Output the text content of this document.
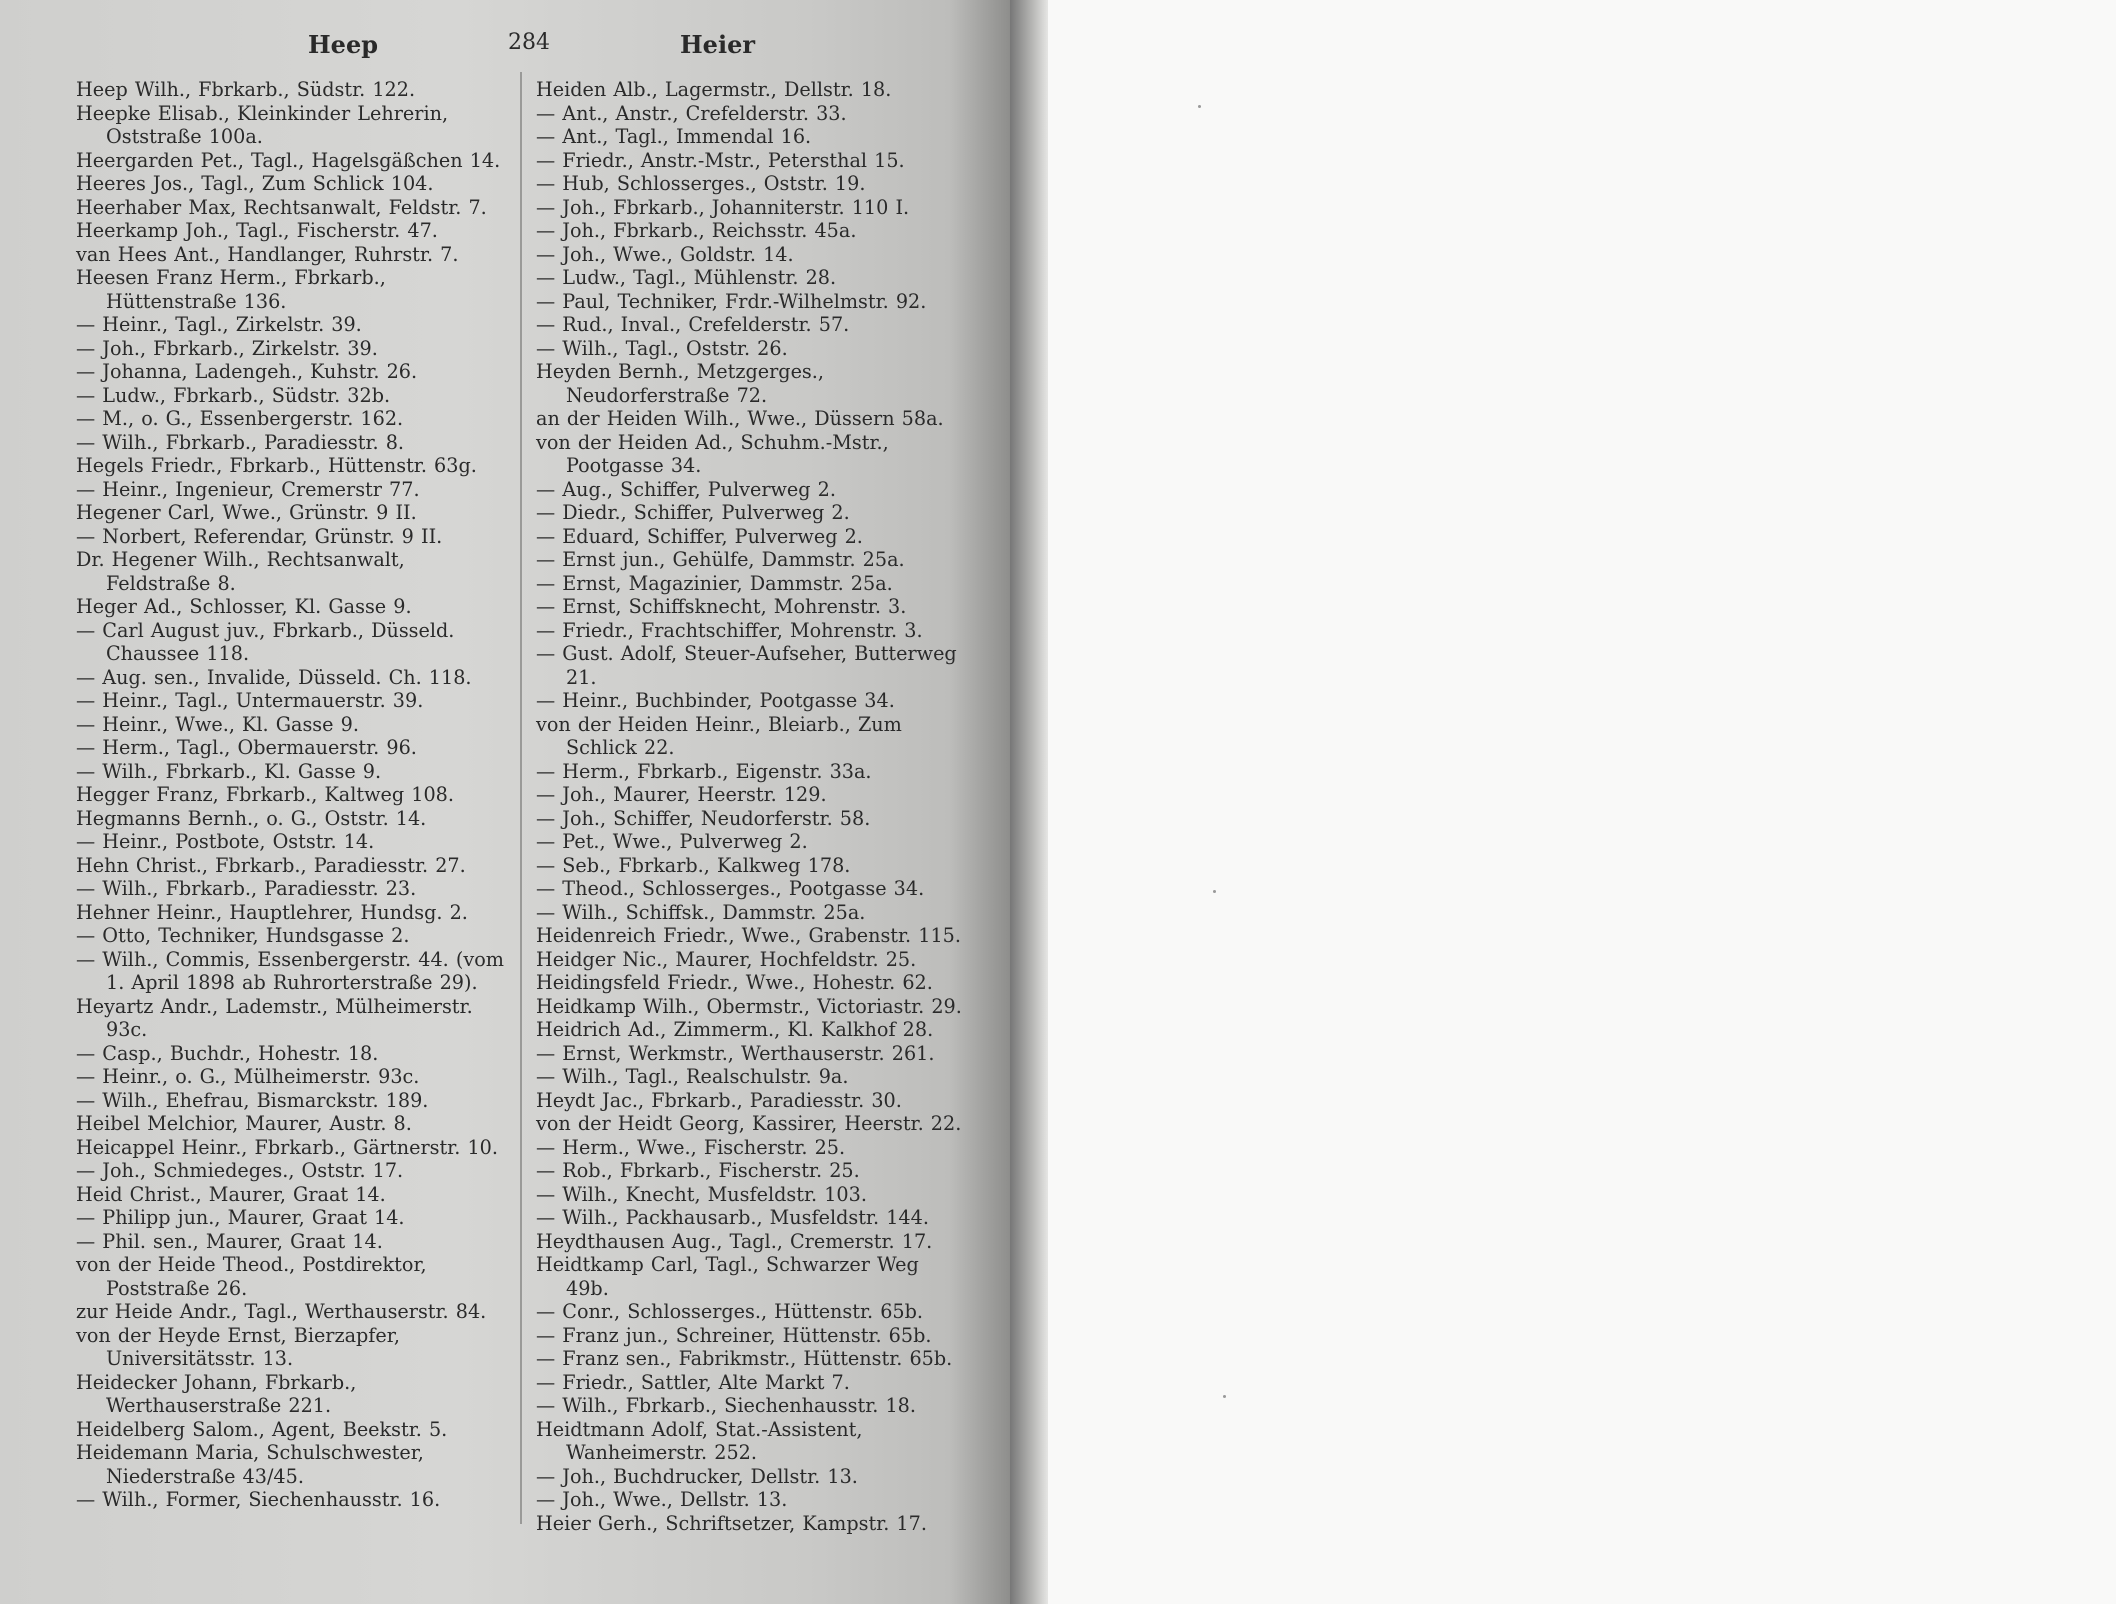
Heep	284	Heier
Heep Wilh., Fbrkarb., Südstr. 122.
Heepke Elisab., Kleinkinder Lehrerin, Oststraße 100a.
Heergarden Pet., Tagl., Hagelsgäßchen 14.
Heeres Jos., Tagl., Zum Schlick 104.
Heerhaber Max, Rechtsanwalt, Feldstr. 7.
Heerkamp Joh., Tagl., Fischerstr. 47.
van Hees Ant., Handlanger, Ruhrstr. 7.
Heesen Franz Herm., Fbrkarb., Hüttenstraße 136.
— Heinr., Tagl., Zirkelstr. 39.
— Joh., Fbrkarb., Zirkelstr. 39.
— Johanna, Ladengeh., Kuhstr. 26.
— Ludw., Fbrkarb., Südstr. 32b.
— M., o. G., Essenbergerstr. 162.
— Wilh., Fbrkarb., Paradiesstr. 8.
Hegels Friedr., Fbrkarb., Hüttenstr. 63g.
— Heinr., Ingenieur, Cremerstr 77.
Hegener Carl, Wwe., Grünstr. 9 II.
— Norbert, Referendar, Grünstr. 9 II.
Dr. Hegener Wilh., Rechtsanwalt, Feldstraße 8.
Heger Ad., Schlosser, Kl. Gasse 9.
— Carl August juv., Fbrkarb., Düsseld. Chaussee 118.
— Aug. sen., Invalide, Düsseld. Ch. 118.
— Heinr., Tagl., Untermauerstr. 39.
— Heinr., Wwe., Kl. Gasse 9.
— Herm., Tagl., Obermauerstr. 96.
— Wilh., Fbrkarb., Kl. Gasse 9.
Hegger Franz, Fbrkarb., Kaltweg 108.
Hegmanns Bernh., o. G., Oststr. 14.
— Heinr., Postbote, Oststr. 14.
Hehn Christ., Fbrkarb., Paradiesstr. 27.
— Wilh., Fbrkarb., Paradiesstr. 23.
Hehner Heinr., Hauptlehrer, Hundsg. 2.
— Otto, Techniker, Hundsgasse 2.
— Wilh., Commis, Essenbergerstr. 44. (vom 1. April 1898 ab Ruhrorterstraße 29).
Heyartz Andr., Lademstr., Mülheimerstr. 93c.
— Casp., Buchdr., Hohestr. 18.
— Heinr., o. G., Mülheimerstr. 93c.
— Wilh., Ehefrau, Bismarckstr. 189.
Heibel Melchior, Maurer, Austr. 8.
Heicappel Heinr., Fbrkarb., Gärtnerstr. 10.
— Joh., Schmiedeges., Oststr. 17.
Heid Christ., Maurer, Graat 14.
— Philipp jun., Maurer, Graat 14.
— Phil. sen., Maurer, Graat 14.
von der Heide Theod., Postdirektor, Poststraße 26.
zur Heide Andr., Tagl., Werthauserstr. 84.
von der Heyde Ernst, Bierzapfer, Universitätsstr. 13.
Heidecker Johann, Fbrkarb., Werthauserstraße 221.
Heidelberg Salom., Agent, Beekstr. 5.
Heidemann Maria, Schulschwester, Niederstraße 43/45.
— Wilh., Former, Siechenhausstr. 16.
Heiden Alb., Lagermstr., Dellstr. 18.
— Ant., Anstr., Crefelderstr. 33.
— Ant., Tagl., Immendal 16.
— Friedr., Anstr.-Mstr., Petersthal 15.
— Hub, Schlosserges., Oststr. 19.
— Joh., Fbrkarb., Johanniterstr. 110 I.
— Joh., Fbrkarb., Reichsstr. 45a.
— Joh., Wwe., Goldstr. 14.
— Ludw., Tagl., Mühlenstr. 28.
— Paul, Techniker, Frdr.-Wilhelmstr. 92.
— Rud., Inval., Crefelderstr. 57.
— Wilh., Tagl., Oststr. 26.
Heyden Bernh., Metzgerges., Neudorferstraße 72.
an der Heiden Wilh., Wwe., Düssern 58a.
von der Heiden Ad., Schuhm.-Mstr., Pootgasse 34.
— Aug., Schiffer, Pulverweg 2.
— Diedr., Schiffer, Pulverweg 2.
— Eduard, Schiffer, Pulverweg 2.
— Ernst jun., Gehülfe, Dammstr. 25a.
— Ernst, Magazinier, Dammstr. 25a.
— Ernst, Schiffsknecht, Mohrenstr. 3.
— Friedr., Frachtschiffer, Mohrenstr. 3.
— Gust. Adolf, Steuer-Aufseher, Butterweg 21.
— Heinr., Buchbinder, Pootgasse 34.
von der Heiden Heinr., Bleiarb., Zum Schlick 22.
— Herm., Fbrkarb., Eigenstr. 33a.
— Joh., Maurer, Heerstr. 129.
— Joh., Schiffer, Neudorferstr. 58.
— Pet., Wwe., Pulverweg 2.
— Seb., Fbrkarb., Kalkweg 178.
— Theod., Schlosserges., Pootgasse 34.
— Wilh., Schiffsk., Dammstr. 25a.
Heidenreich Friedr., Wwe., Grabenstr. 115.
Heidger Nic., Maurer, Hochfeldstr. 25.
Heidingsfeld Friedr., Wwe., Hohestr. 62.
Heidkamp Wilh., Obermstr., Victoriastr. 29.
Heidrich Ad., Zimmerm., Kl. Kalkhof 28.
— Ernst, Werkmstr., Werthauserstr. 261.
— Wilh., Tagl., Realschulstr. 9a.
Heydt Jac., Fbrkarb., Paradiesstr. 30.
von der Heidt Georg, Kassirer, Heerstr. 22.
— Herm., Wwe., Fischerstr. 25.
— Rob., Fbrkarb., Fischerstr. 25.
— Wilh., Knecht, Musfeldstr. 103.
— Wilh., Packhausarb., Musfeldstr. 144.
Heydthausen Aug., Tagl., Cremerstr. 17.
Heidtkamp Carl, Tagl., Schwarzer Weg 49b.
— Conr., Schlosserges., Hüttenstr. 65b.
— Franz jun., Schreiner, Hüttenstr. 65b.
— Franz sen., Fabrikmstr., Hüttenstr. 65b.
— Friedr., Sattler, Alte Markt 7.
— Wilh., Fbrkarb., Siechenhausstr. 18.
Heidtmann Adolf, Stat.-Assistent, Wanheimerstr. 252.
— Joh., Buchdrucker, Dellstr. 13.
— Joh., Wwe., Dellstr. 13.
Heier Gerh., Schriftsetzer, Kampstr. 17.
